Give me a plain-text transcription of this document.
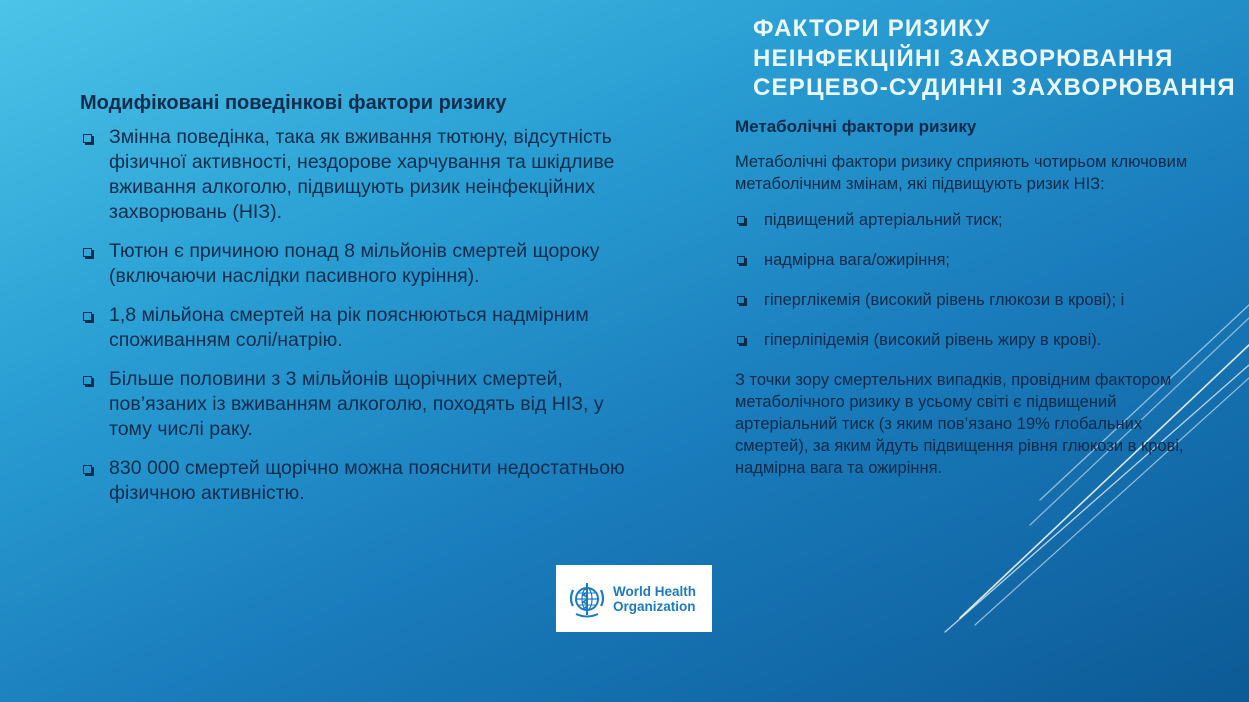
ФАКТОРИ РИЗИКУ
НЕІНФЕКЦІЙНІ ЗАХВОРЮВАННЯ
СЕРЦЕВО-СУДИННІ ЗАХВОРЮВАННЯ
Модифіковані поведінкові фактори ризику
Змінна поведінка, така як вживання тютюну, відсутність фізичної активності, нездорове харчування та шкідливе вживання алкоголю, підвищують ризик неінфекційних захворювань (НІЗ).
Тютюн є причиною понад 8 мільйонів смертей щороку (включаючи наслідки пасивного куріння).
1,8 мільйона смертей на рік пояснюються надмірним споживанням солі/натрію.
Більше половини з 3 мільйонів щорічних смертей, пов’язаних із вживанням алкоголю, походять від НІЗ, у тому числі раку.
830 000 смертей щорічно можна пояснити недостатньою фізичною активністю.
Метаболічні фактори ризику
Метаболічні фактори ризику сприяють чотирьом ключовим метаболічним змінам, які підвищують ризик НІЗ:
підвищений артеріальний тиск;
надмірна вага/ожиріння;
гіперглікемія (високий рівень глюкози в крові); і
гіперліпідемія (високий рівень жиру в крові).
З точки зору смертельних випадків, провідним фактором метаболічного ризику в усьому світі є підвищений артеріальний тиск (з яким пов’язано 19% глобальних смертей), за яким йдуть підвищення рівня глюкози в крові, надмірна вага та ожиріння.
World Health
Organization
